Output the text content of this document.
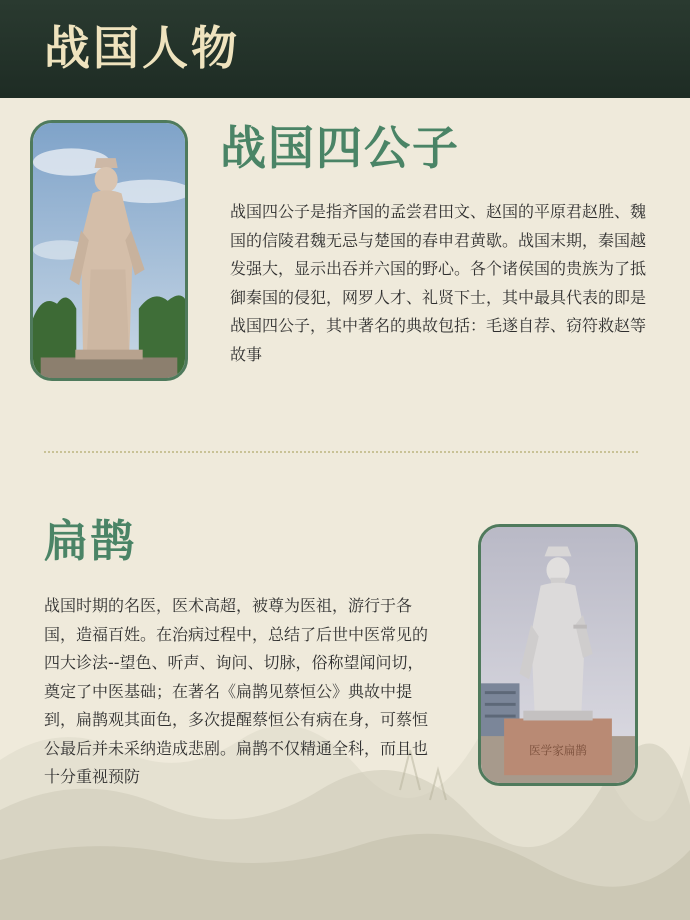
战国人物
战国四公子

战国四公子是指齐国的孟尝君田文、赵国的平原君赵胜、魏国的信陵君魏无忌与楚国的春申君黄歇。战国末期，秦国越发强大，显示出吞并六国的野心。各个诸侯国的贵族为了抵御秦国的侵犯，网罗人才、礼贤下士，其中最具代表的即是战国四公子，其中著名的典故包括：毛遂自荐、窃符救赵等故事

扁鹊

战国时期的名医，医术高超，被尊为医祖，游行于各国，造福百姓。在治病过程中，总结了后世中医常见的四大诊法--望色、听声、询问、切脉，俗称望闻问切，奠定了中医基础；在著名《扁鹊见蔡恒公》典故中提到，扁鹊观其面色，多次提醒蔡恒公有病在身，可蔡恒公最后并未采纳造成悲剧。扁鹊不仅精通全科，而且也十分重视预防

医学家扁鹊
